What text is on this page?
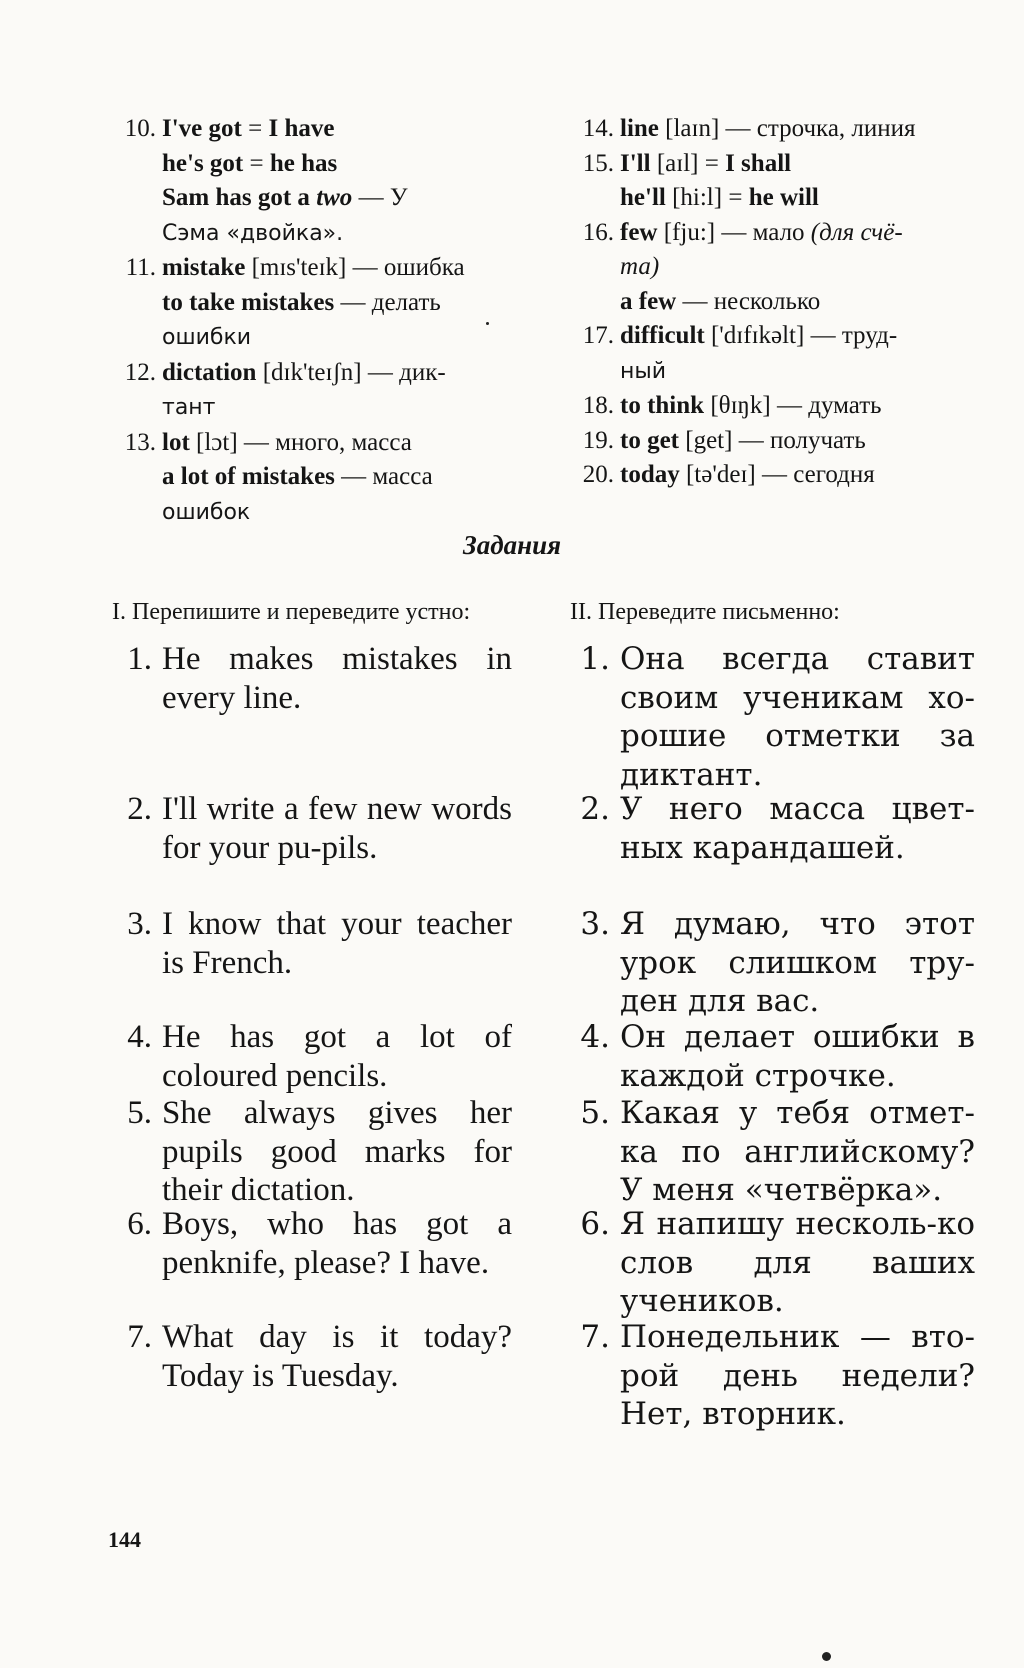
10. I've got = I have
he's got = he has
Sam has got a two — У
Сэма «двойка».
11. mistake [mɪs'teɪk] — ошибка
to take mistakes — делать
ошибки
12. dictation [dɪk'teɪʃn] — дик-
тант
13. lot [lɔt] — много, масса
a lot of mistakes — масса
ошибок
14. line [laɪn] — строчка, линия
15. I'll [aɪl] = I shall
he'll [hi:l] = he will
16. few [fju:] — мало (для счё-
та)
a few — несколько
17. difficult ['dɪfɪkəlt] — труд-
ный
18. to think [θɪŋk] — думать
19. to get [get] — получать
20. today [tə'deɪ] — сегодня
Задания
I. Перепишите и переведите устно:	II. Переведите письменно:
1. He makes mistakes in every line.
2. I'll write a few new words for your pu-pils.
3. I know that your teacher is French.
4. He has got a lot of coloured pencils.
5. She always gives her pupils good marks for their dictation.
6. Boys, who has got a penknife, please? I have.
7. What day is it today? Today is Tuesday.
1. Она всегда ставит своим ученикам хо-рошие отметки за диктант.
2. У него масса цвет-ных карандашей.
3. Я думаю, что этот урок слишком тру-ден для вас.
4. Он делает ошибки в каждой строчке.
5. Какая у тебя отмет-ка по английскому? У меня «четвёрка».
6. Я напишу несколь-ко слов для ваших учеников.
7. Понедельник — вто-рой день недели? Нет, вторник.
144
